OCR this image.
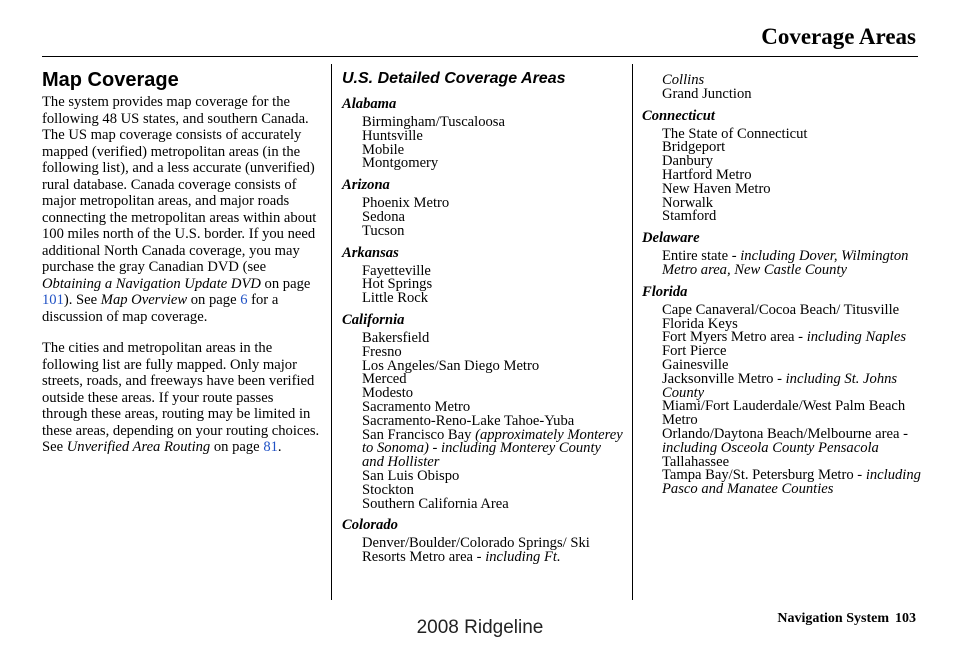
Coverage Areas
Map Coverage

The system provides map coverage for the following 48 US states, and southern Canada. The US map coverage consists of accurately mapped (verified) metropolitan areas (in the following list), and a less accurate (unverified) rural database. Canada coverage consists of major metropolitan areas, and major roads connecting the metropolitan areas within about 100 miles north of the U.S. border. If you need additional North Canada coverage, you may purchase the gray Canadian DVD (see Obtaining a Navigation Update DVD on page 101). See Map Overview on page 6 for a discussion of map coverage.

The cities and metropolitan areas in the following list are fully mapped. Only major streets, roads, and freeways have been verified outside these areas. If your route passes through these areas, routing may be limited in these areas, depending on your routing choices. See Unverified Area Routing on page 81.

U.S. Detailed Coverage Areas
Alabama
Birmingham/Tuscaloosa
Huntsville
Mobile
Montgomery
Arizona
Phoenix Metro
Sedona
Tucson
Arkansas
Fayetteville
Hot Springs
Little Rock
California
Bakersfield
Fresno
Los Angeles/San Diego Metro
Merced
Modesto
Sacramento Metro
Sacramento-Reno-Lake Tahoe-Yuba
San Francisco Bay (approximately Monterey to Sonoma) - including Monterey County and Hollister
San Luis Obispo
Stockton
Southern California Area
Colorado
Denver/Boulder/Colorado Springs/ Ski Resorts Metro area - including Ft.
Collins
Grand Junction
Connecticut
The State of Connecticut
Bridgeport
Danbury
Hartford Metro
New Haven Metro
Norwalk
Stamford
Delaware
Entire state - including Dover, Wilmington Metro area, New Castle County
Florida
Cape Canaveral/Cocoa Beach/ Titusville
Florida Keys
Fort Myers Metro area - including Naples
Fort Pierce
Gainesville
Jacksonville Metro - including St. Johns County
Miami/Fort Lauderdale/West Palm Beach Metro
Orlando/Daytona Beach/Melbourne area - including Osceola County Pensacola
Tallahassee
Tampa Bay/St. Petersburg Metro - including Pasco and Manatee Counties
Navigation System 103
2008 Ridgeline
